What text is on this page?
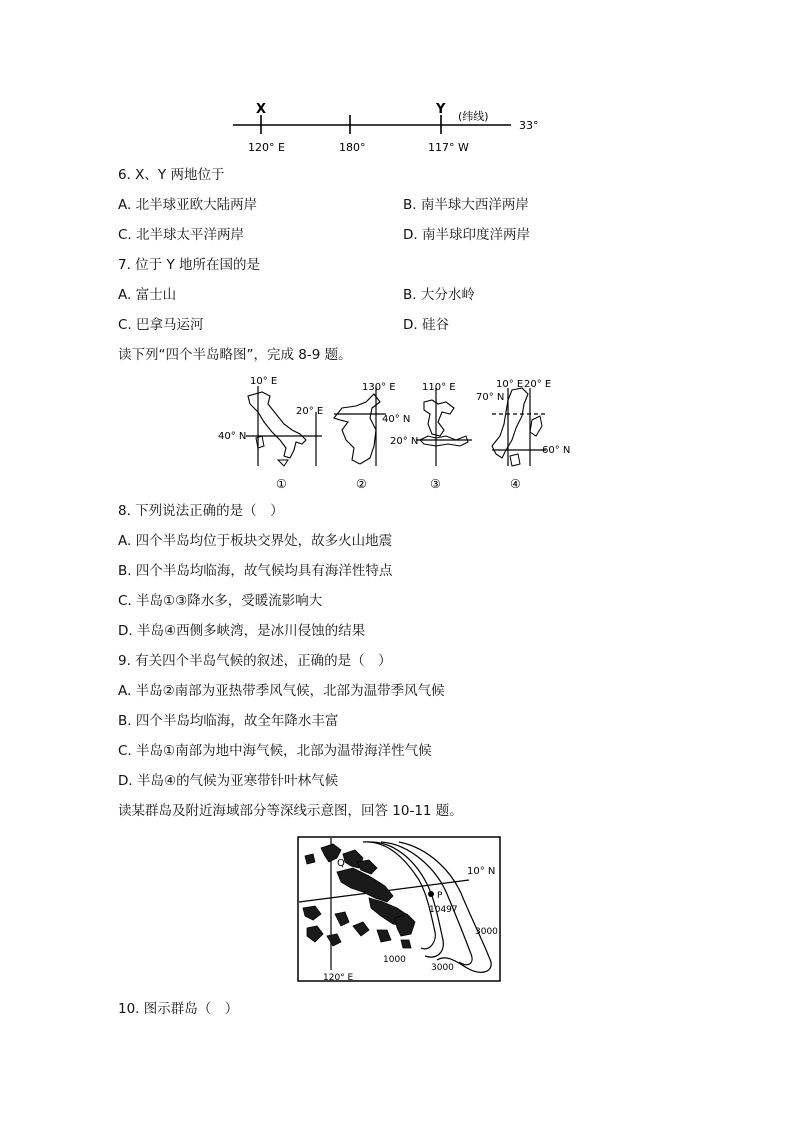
X	Y (纬线)
33°
120° E	180°	117° W
6. X、Y 两地位于
A. 北半球亚欧大陆两岸	B. 南半球大西洋两岸
C. 北半球太平洋两岸	D. 南半球印度洋两岸
7. 位于 Y 地所在国的是
A. 富士山	B. 大分水岭
C. 巴拿马运河	D. 硅谷
读下列“四个半岛略图”，完成 8-9 题。
10° E
20° E
40° N
①
130° E
40° N
②
110° E
20° N
③
10° E 20° E
70° N
60° N
④
8. 下列说法正确的是（　）
A. 四个半岛均位于板块交界处，故多火山地震
B. 四个半岛均临海，故气候均具有海洋性特点
C. 半岛①③降水多，受暖流影响大
D. 半岛④西侧多峡湾，是冰川侵蚀的结果
9. 有关四个半岛气候的叙述，正确的是（　）
A. 半岛②南部为亚热带季风气候，北部为温带季风气候
B. 四个半岛均临海，故全年降水丰富
C. 半岛①南部为地中海气候，北部为温带海洋性气候
D. 半岛④的气候为亚寒带针叶林气候
读某群岛及附近海域部分等深线示意图，回答 10-11 题。
Q
P
10497
10° N
1000
3000
3000
120° E
10. 图示群岛（　）
